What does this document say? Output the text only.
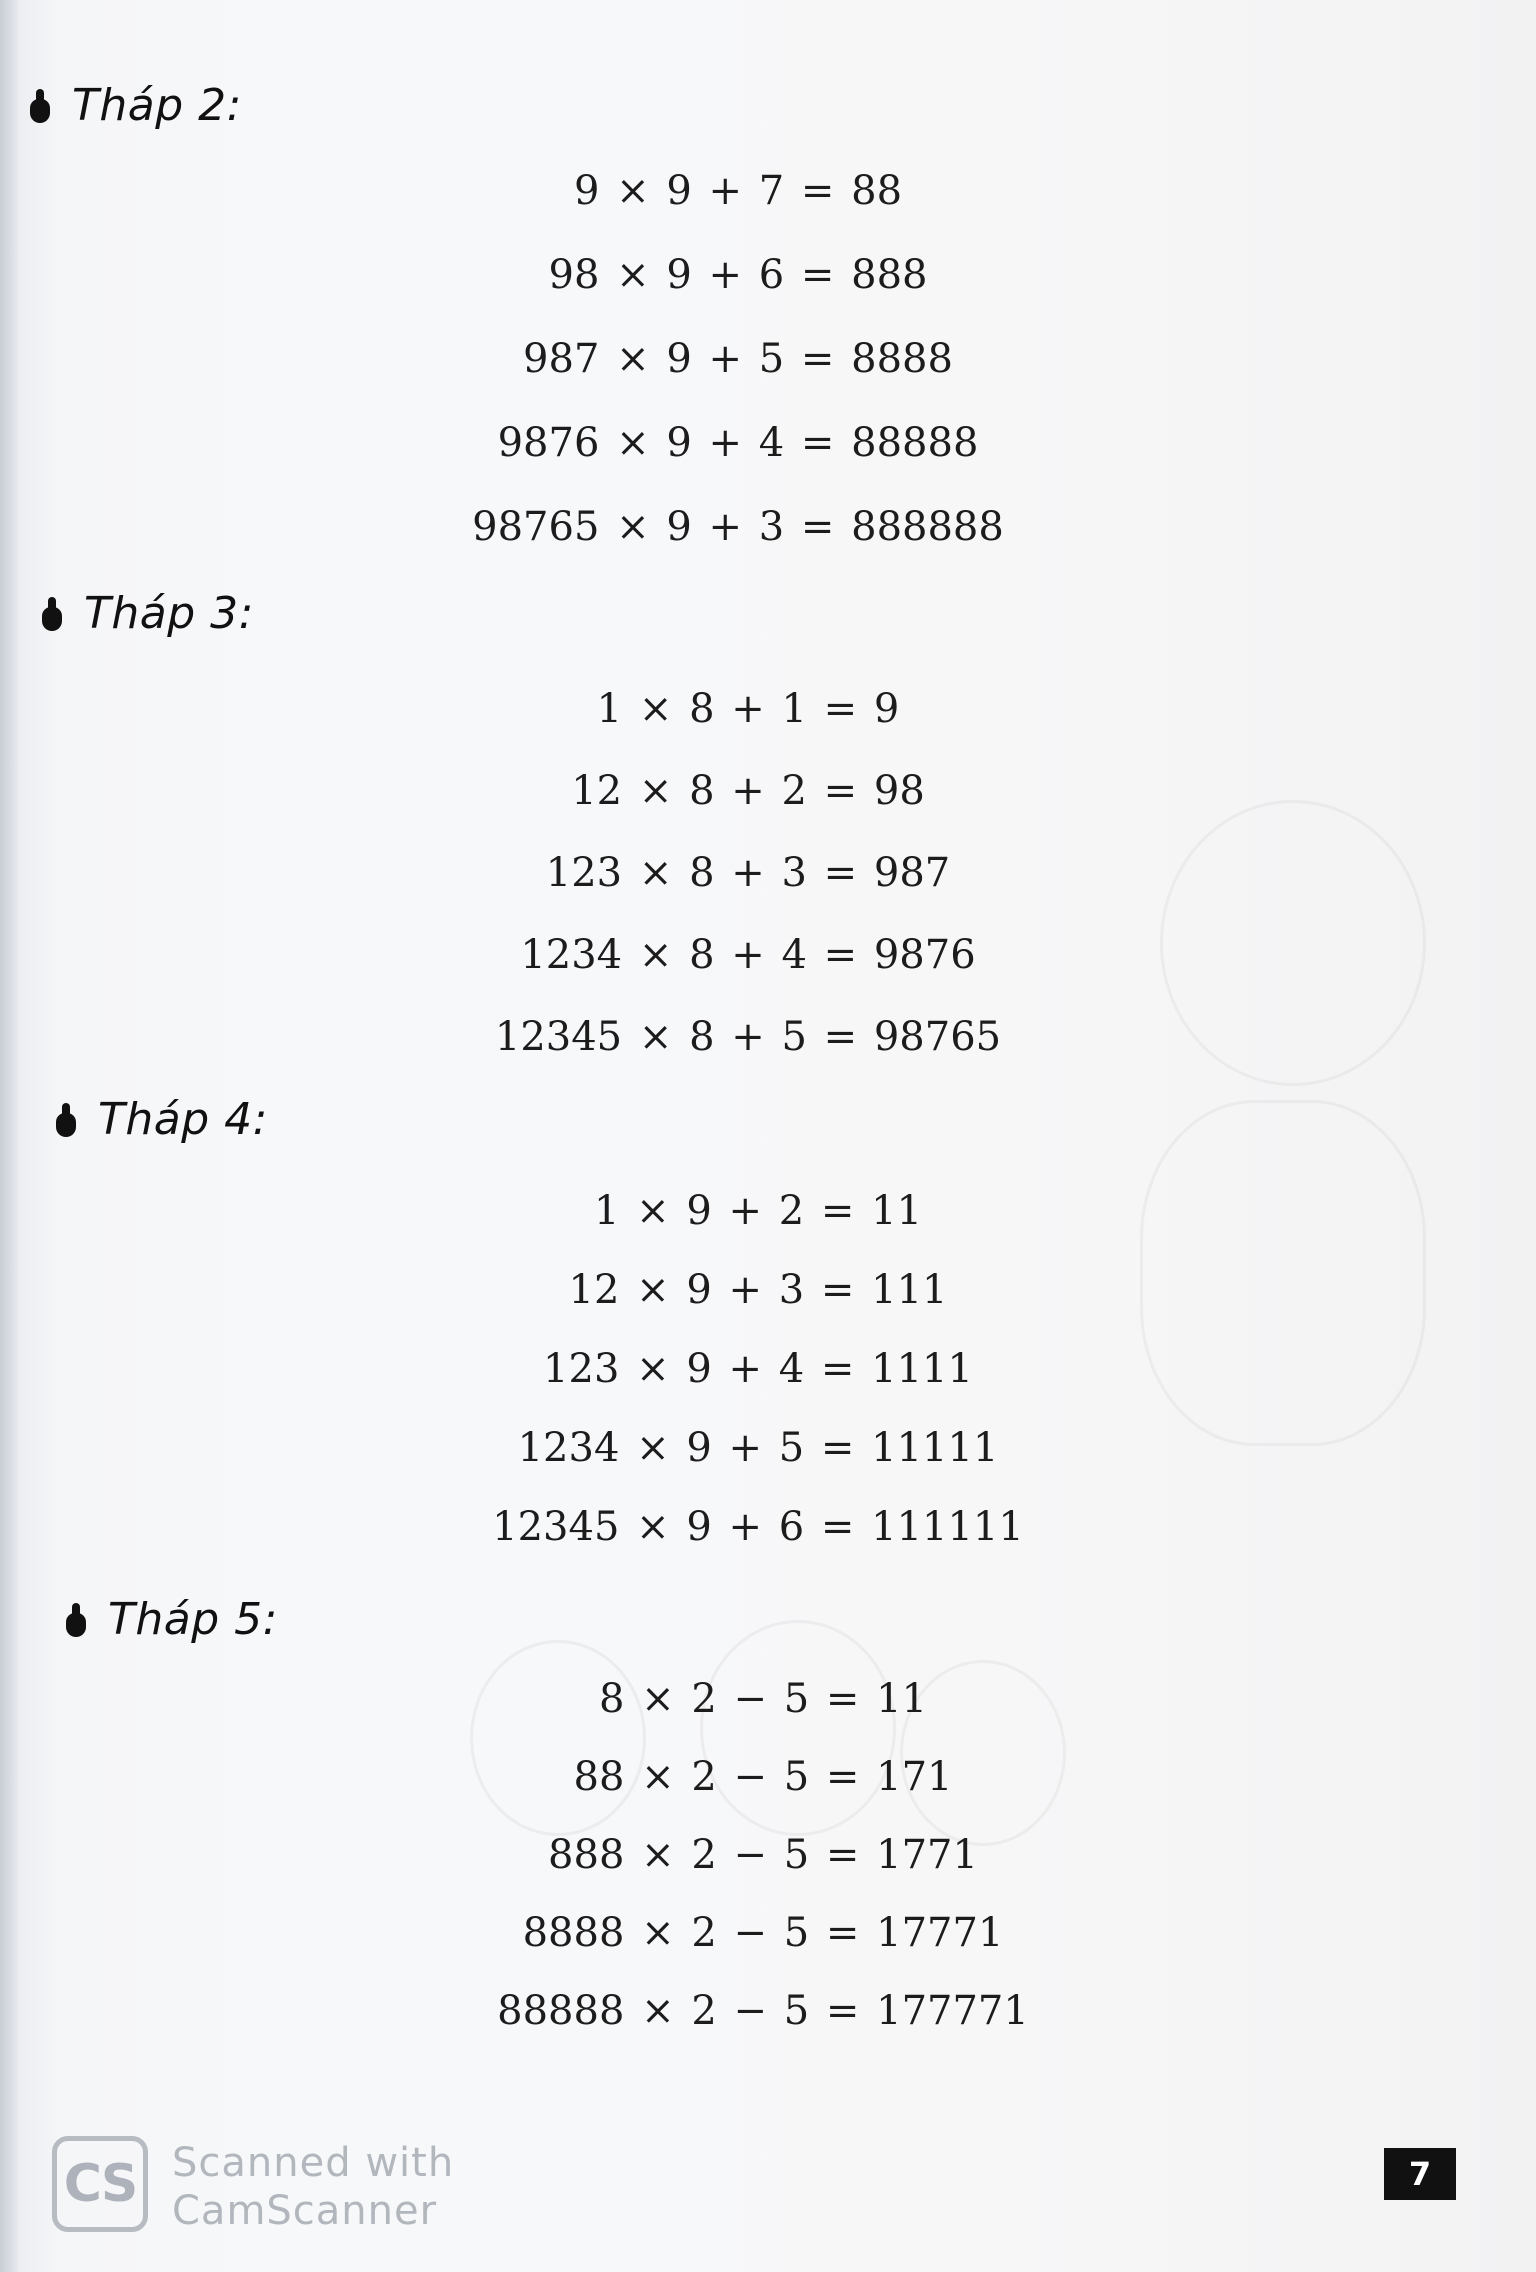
Tháp 2:
9 × 9 + 7 = 88
98 × 9 + 6 = 888
987 × 9 + 5 = 8888
9876 × 9 + 4 = 88888
98765 × 9 + 3 = 888888
Tháp 3:
1 × 8 + 1 = 9
12 × 8 + 2 = 98
123 × 8 + 3 = 987
1234 × 8 + 4 = 9876
12345 × 8 + 5 = 98765
Tháp 4:
1 × 9 + 2 = 11
12 × 9 + 3 = 111
123 × 9 + 4 = 1111
1234 × 9 + 5 = 11111
12345 × 9 + 6 = 111111
Tháp 5:
8 × 2 − 5 = 11
88 × 2 − 5 = 171
888 × 2 − 5 = 1771
8888 × 2 − 5 = 17771
88888 × 2 − 5 = 177771
CS Scanned with
CamScanner
7
